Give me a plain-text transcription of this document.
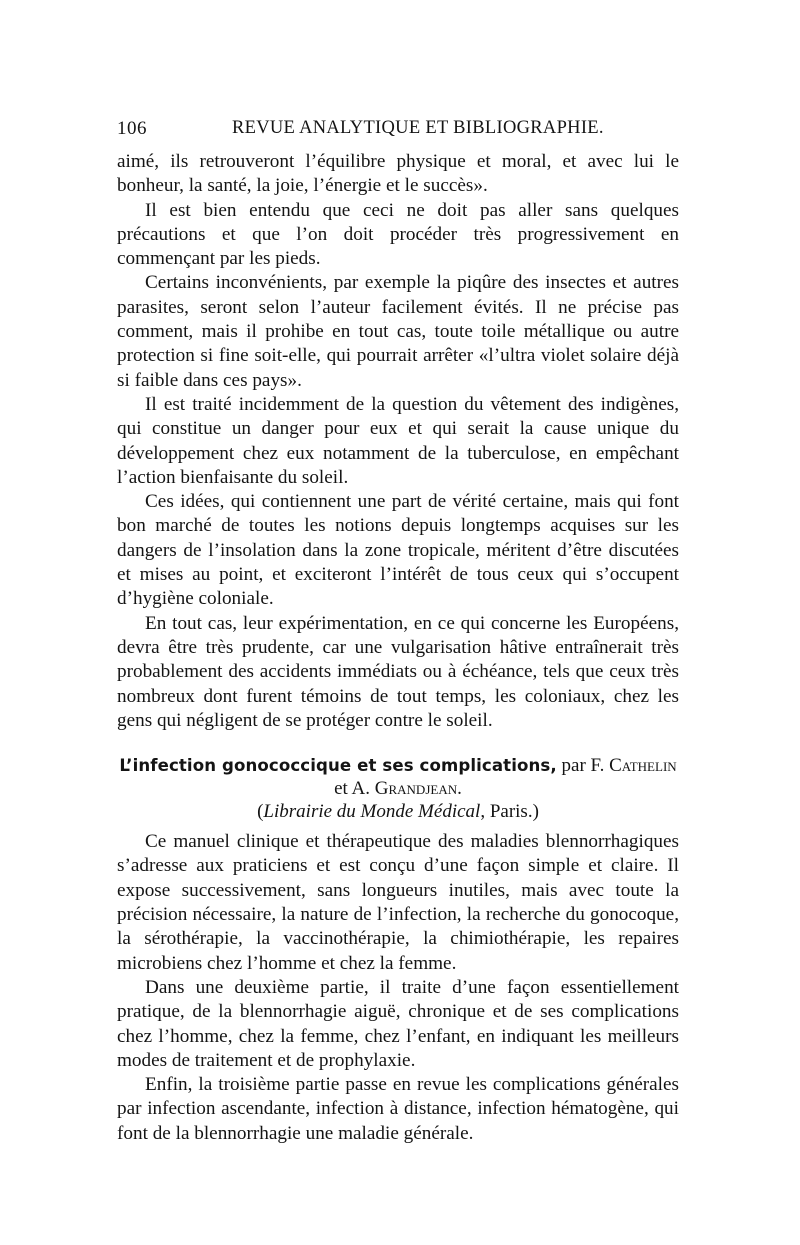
106	REVUE ANALYTIQUE ET BIBLIOGRAPHIE.

aimé, ils retrouveront l’équilibre physique et moral, et avec lui le bonheur, la santé, la joie, l’énergie et le succès».

Il est bien entendu que ceci ne doit pas aller sans quelques précautions et que l’on doit procéder très progressivement en commençant par les pieds.

Certains inconvénients, par exemple la piqûre des insectes et autres parasites, seront selon l’auteur facilement évités. Il ne précise pas comment, mais il prohibe en tout cas, toute toile métallique ou autre protection si fine soit-elle, qui pourrait arrêter «l’ultra violet solaire déjà si faible dans ces pays».

Il est traité incidemment de la question du vêtement des indigènes, qui constitue un danger pour eux et qui serait la cause unique du développement chez eux notamment de la tuberculose, en empêchant l’action bienfaisante du soleil.

Ces idées, qui contiennent une part de vérité certaine, mais qui font bon marché de toutes les notions depuis longtemps acquises sur les dangers de l’insolation dans la zone tropicale, méritent d’être discutées et mises au point, et exciteront l’intérêt de tous ceux qui s’occupent d’hygiène coloniale.

En tout cas, leur expérimentation, en ce qui concerne les Européens, devra être très prudente, car une vulgarisation hâtive entraînerait très probablement des accidents immédiats ou à échéance, tels que ceux très nombreux dont furent témoins de tout temps, les coloniaux, chez les gens qui négligent de se protéger contre le soleil.

L’infection gonococcique et ses complications, par F. Cathelin
et A. Grandjean.
(Librairie du Monde Médical, Paris.)

Ce manuel clinique et thérapeutique des maladies blennorrhagiques s’adresse aux praticiens et est conçu d’une façon simple et claire. Il expose successivement, sans longueurs inutiles, mais avec toute la précision nécessaire, la nature de l’infection, la recherche du gonocoque, la sérothérapie, la vaccinothérapie, la chimiothérapie, les repaires microbiens chez l’homme et chez la femme.

Dans une deuxième partie, il traite d’une façon essentiellement pratique, de la blennorrhagie aiguë, chronique et de ses complications chez l’homme, chez la femme, chez l’enfant, en indiquant les meilleurs modes de traitement et de prophylaxie.

Enfin, la troisième partie passe en revue les complications générales par infection ascendante, infection à distance, infection hématogène, qui font de la blennorrhagie une maladie générale.
